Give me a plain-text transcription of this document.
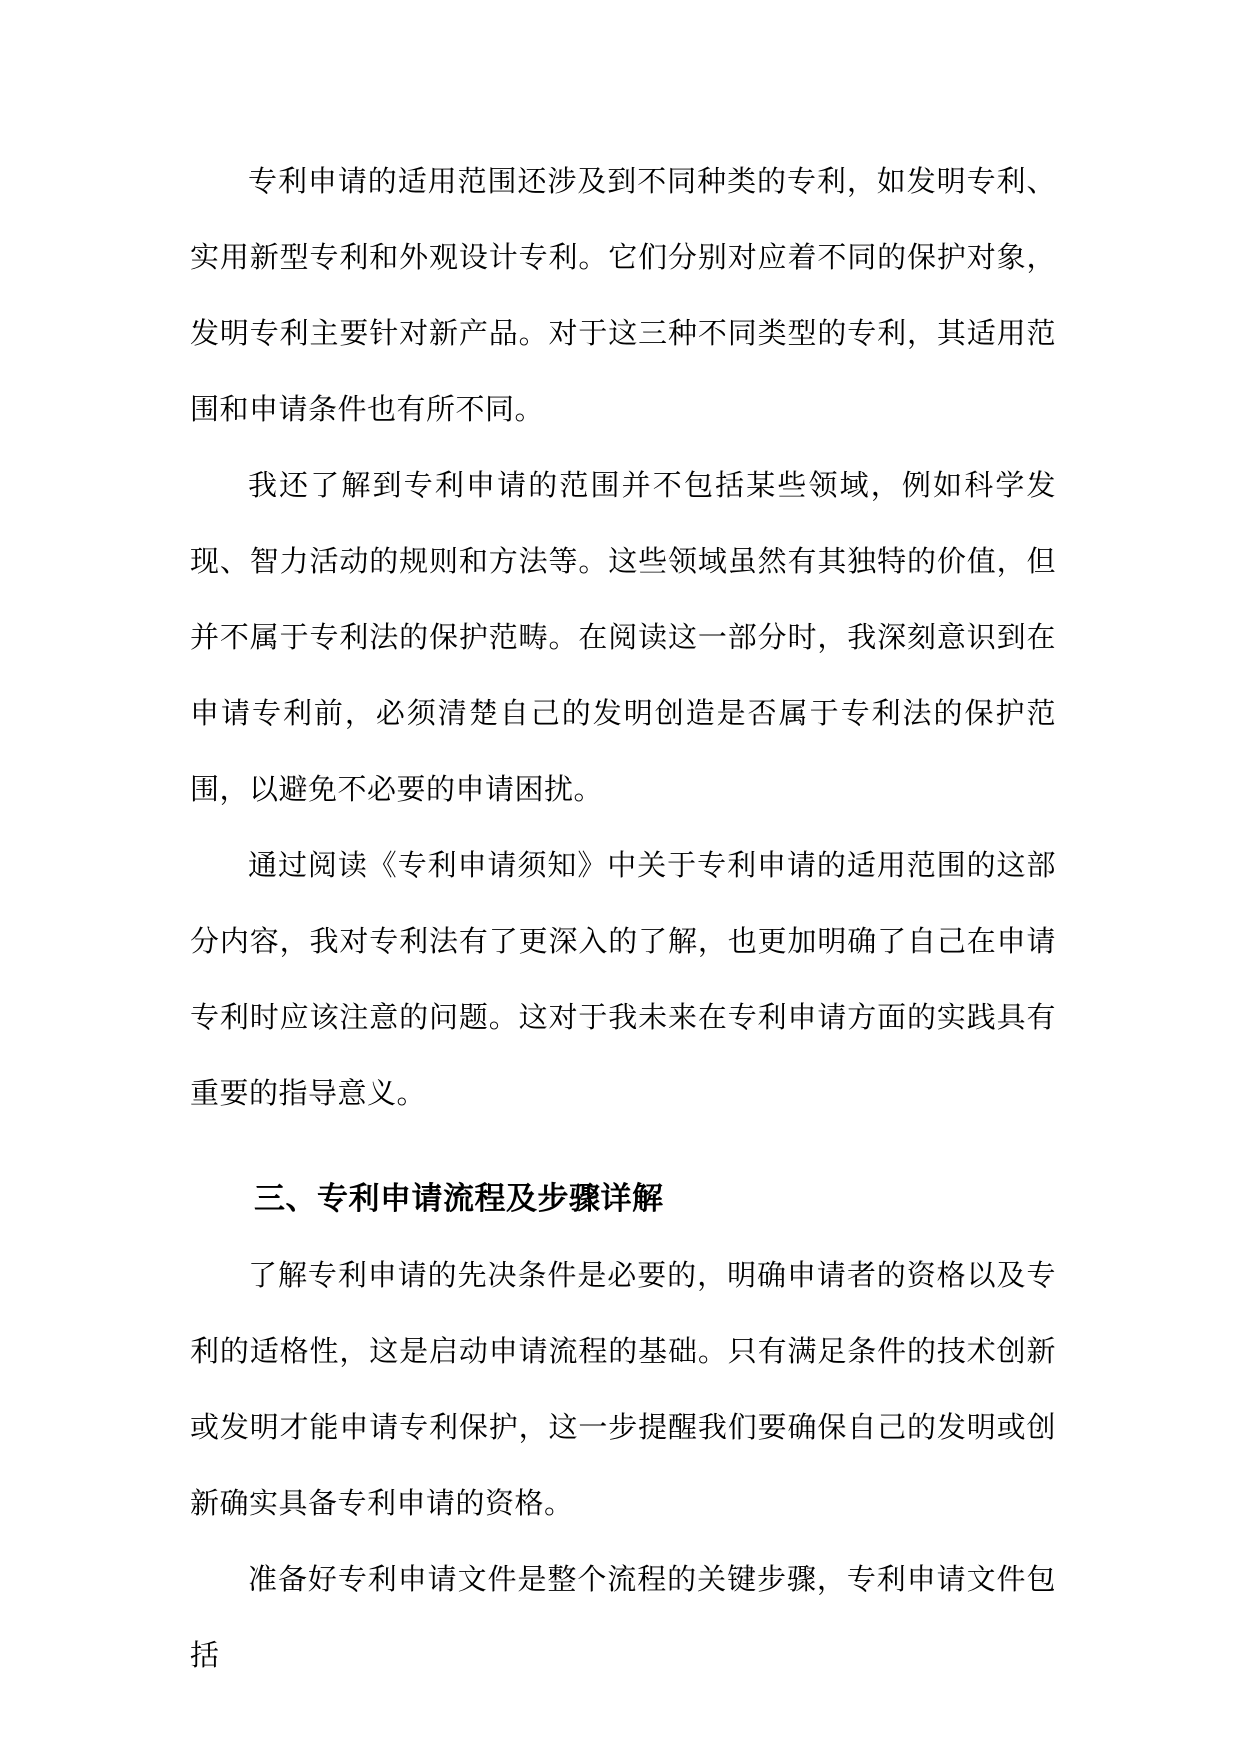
专利申请的适用范围还涉及到不同种类的专利，如发明专利、实用新型专利和外观设计专利。它们分别对应着不同的保护对象，发明专利主要针对新产品。对于这三种不同类型的专利，其适用范围和申请条件也有所不同。

我还了解到专利申请的范围并不包括某些领域，例如科学发现、智力活动的规则和方法等。这些领域虽然有其独特的价值，但并不属于专利法的保护范畴。在阅读这一部分时，我深刻意识到在申请专利前，必须清楚自己的发明创造是否属于专利法的保护范围，以避免不必要的申请困扰。

通过阅读《专利申请须知》中关于专利申请的适用范围的这部分内容，我对专利法有了更深入的了解，也更加明确了自己在申请专利时应该注意的问题。这对于我未来在专利申请方面的实践具有重要的指导意义。

三、专利申请流程及步骤详解

了解专利申请的先决条件是必要的，明确申请者的资格以及专利的适格性，这是启动申请流程的基础。只有满足条件的技术创新或发明才能申请专利保护，这一步提醒我们要确保自己的发明或创新确实具备专利申请的资格。

准备好专利申请文件是整个流程的关键步骤，专利申请文件包括
